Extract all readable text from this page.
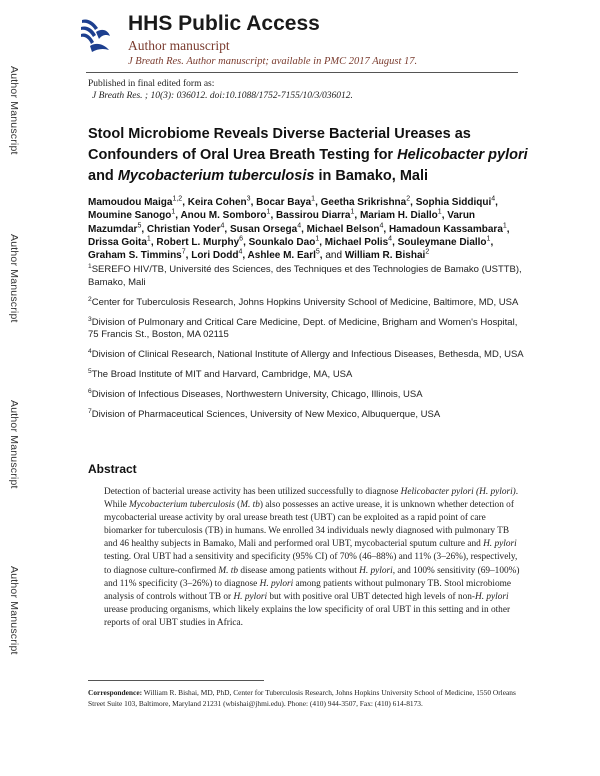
Author Manuscript
Author Manuscript
Author Manuscript
Author Manuscript
HHS Public Access
Author manuscript
J Breath Res. Author manuscript; available in PMC 2017 August 17.
Published in final edited form as:
J Breath Res. ; 10(3): 036012. doi:10.1088/1752-7155/10/3/036012.
Stool Microbiome Reveals Diverse Bacterial Ureases as Confounders of Oral Urea Breath Testing for Helicobacter pylori and Mycobacterium tuberculosis in Bamako, Mali
Mamoudou Maiga$^{1,2}$, Keira Cohen$^3$, Bocar Baya$^1$, Geetha Srikrishna$^2$, Sophia Siddiqui$^4$, Moumine Sanogo$^1$, Anou M. Somboro$^1$, Bassirou Diarra$^1$, Mariam H. Diallo$^1$, Varun Mazumdar$^5$, Christian Yoder$^4$, Susan Orsega$^4$, Michael Belson$^4$, Hamadoun Kassambara$^1$, Drissa Goita$^1$, Robert L. Murphy$^6$, Sounkalo Dao$^1$, Michael Polis$^4$, Souleymane Diallo$^1$, Graham S. Timmins$^7$, Lori Dodd$^4$, Ashlee M. Earl$^5$, and William R. Bishai$^2$

$^1$SEREFO HIV/TB, Université des Sciences, des Techniques et des Technologies de Bamako (USTTB), Bamako, Mali

$^2$Center for Tuberculosis Research, Johns Hopkins University School of Medicine, Baltimore, MD, USA

$^3$Division of Pulmonary and Critical Care Medicine, Dept. of Medicine, Brigham and Women's Hospital, 75 Francis St., Boston, MA 02115

$^4$Division of Clinical Research, National Institute of Allergy and Infectious Diseases, Bethesda, MD, USA

$^5$The Broad Institute of MIT and Harvard, Cambridge, MA, USA

$^6$Division of Infectious Diseases, Northwestern University, Chicago, Illinois, USA

$^7$Division of Pharmaceutical Sciences, University of New Mexico, Albuquerque, USA

Abstract

Detection of bacterial urease activity has been utilized successfully to diagnose Helicobacter pylori (H. pylori). While Mycobacterium tuberculosis (M. tb) also possesses an active urease, it is unknown whether detection of mycobacterial urease activity by oral urease breath test (UBT) can be exploited as a rapid point of care biomarker for tuberculosis (TB) in humans. We enrolled 34 individuals newly diagnosed with pulmonary TB and 46 healthy subjects in Bamako, Mali and performed oral UBT, mycobacterial sputum culture and H. pylori testing. Oral UBT had a sensitivity and specificity (95% CI) of 70% (46–88%) and 11% (3–26%), respectively, to diagnose culture-confirmed M. tb disease among patients without H. pylori, and 100% sensitivity (69–100%) and 11% specificity (3–26%) to diagnose H. pylori among patients without pulmonary TB. Stool microbiome analysis of controls without TB or H. pylori but with positive oral UBT detected high levels of non-H. pylori urease producing organisms, which likely explains the low specificity of oral UBT in this setting and in other reports of oral UBT studies in Africa.

Correspondence: William R. Bishai, MD, PhD, Center for Tuberculosis Research, Johns Hopkins University School of Medicine, 1550 Orleans Street Suite 103, Baltimore, Maryland 21231 (wbishai@jhmi.edu). Phone: (410) 944-3507, Fax: (410) 614-8173.
